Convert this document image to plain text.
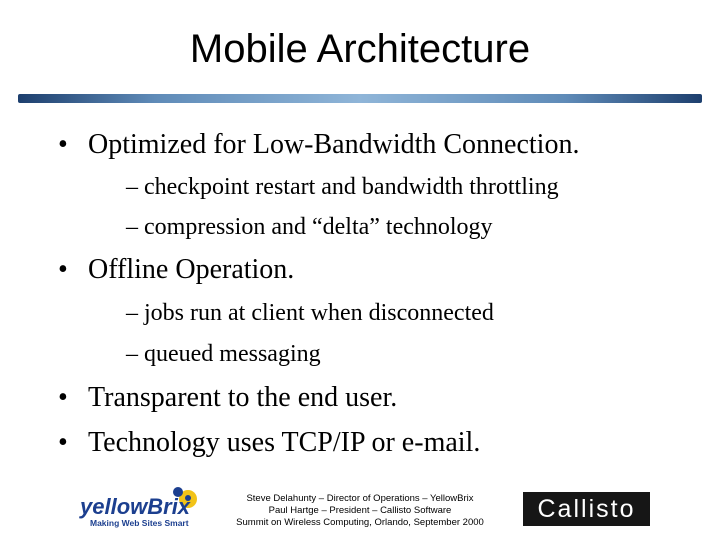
Mobile Architecture
• Optimized for Low-Bandwidth Connection.
– checkpoint restart and bandwidth throttling
– compression and “delta” technology
• Offline Operation.
– jobs run at client when disconnected
– queued messaging
• Transparent to the end user.
• Technology uses TCP/IP or e-mail.
yellowBrix
Making Web Sites Smart
Steve Delahunty – Director of Operations – YellowBrix
Paul Hartge – President – Callisto Software
Summit on Wireless Computing, Orlando, September 2000	Callisto
